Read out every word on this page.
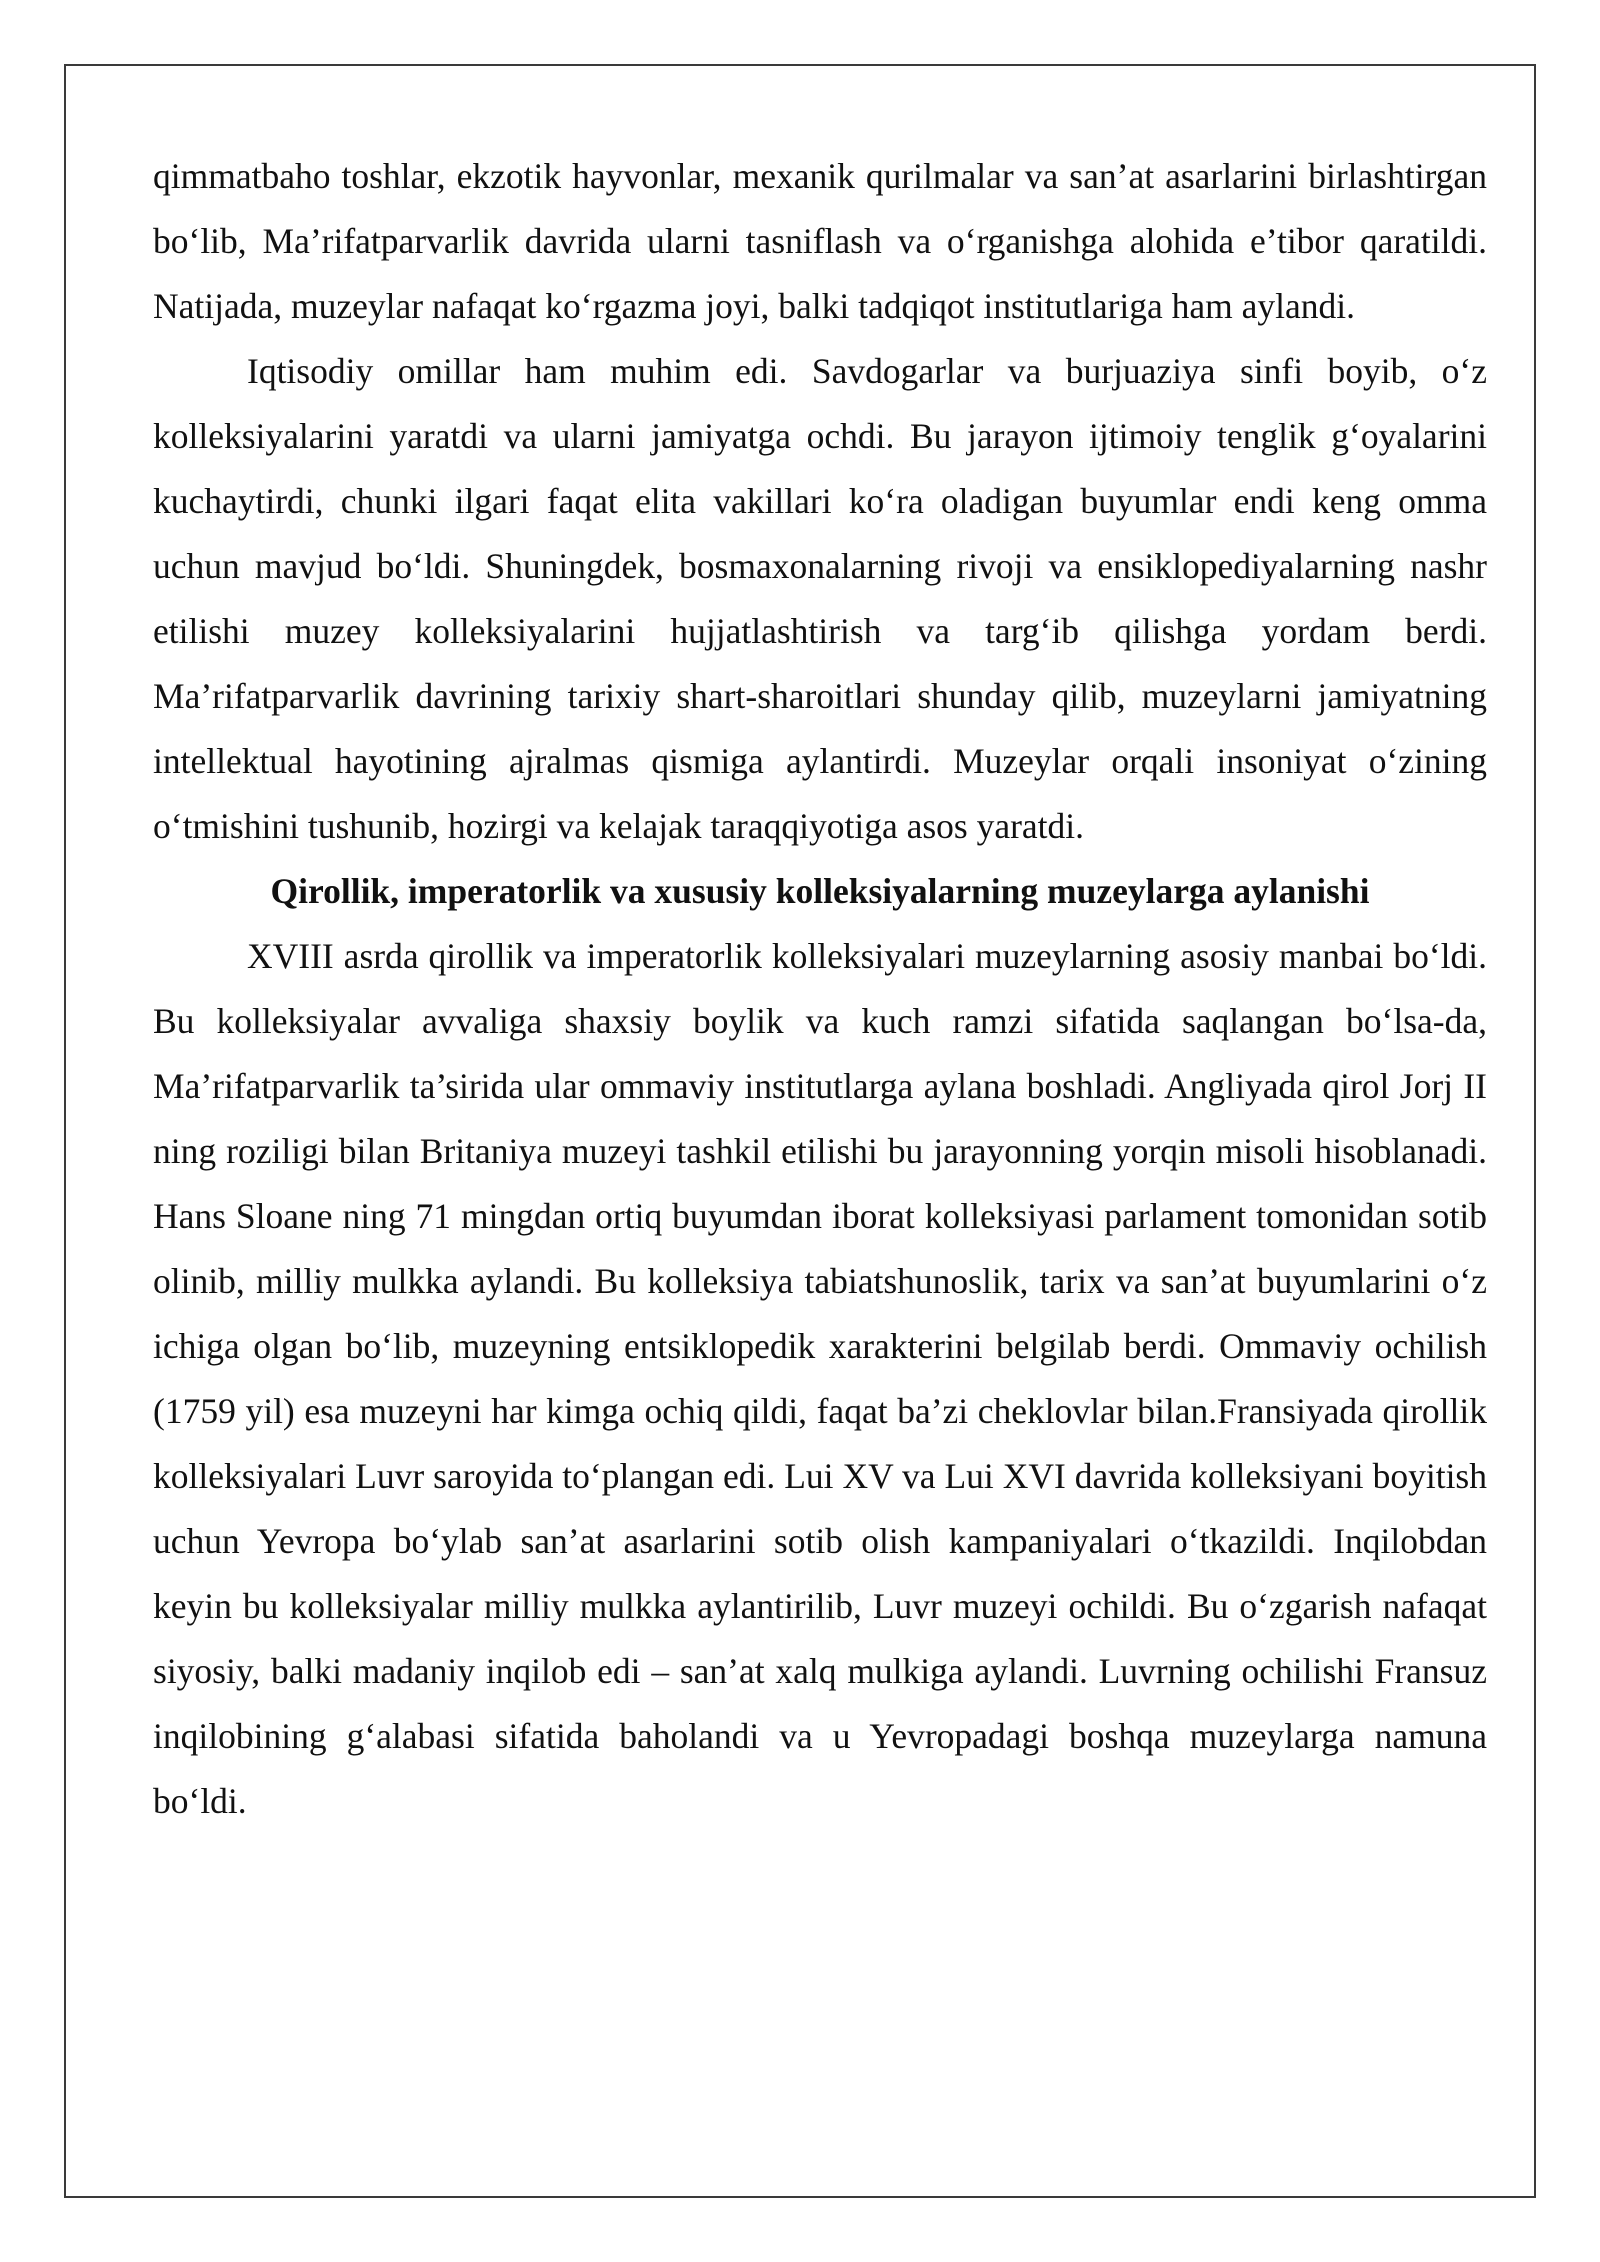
qimmatbaho toshlar, ekzotik hayvonlar, mexanik qurilmalar va san’at asarlarini birlashtirgan bo‘lib, Ma’rifatparvarlik davrida ularni tasniflash va o‘rganishga alohida e’tibor qaratildi. Natijada, muzeylar nafaqat ko‘rgazma joyi, balki tadqiqot institutlariga ham aylandi.

Iqtisodiy omillar ham muhim edi. Savdogarlar va burjuaziya sinfi boyib, o‘z kolleksiyalarini yaratdi va ularni jamiyatga ochdi. Bu jarayon ijtimoiy tenglik g‘oyalarini kuchaytirdi, chunki ilgari faqat elita vakillari ko‘ra oladigan buyumlar endi keng omma uchun mavjud bo‘ldi. Shuningdek, bosmaxonalarning rivoji va ensiklopediyalarning nashr etilishi muzey kolleksiyalarini hujjatlashtirish va targ‘ib qilishga yordam berdi. Ma’rifatparvarlik davrining tarixiy shart-sharoitlari shunday qilib, muzeylarni jamiyatning intellektual hayotining ajralmas qismiga aylantirdi. Muzeylar orqali insoniyat o‘zining o‘tmishini tushunib, hozirgi va kelajak taraqqiyotiga asos yaratdi.

Qirollik, imperatorlik va xususiy kolleksiyalarning muzeylarga aylanishi

XVIII asrda qirollik va imperatorlik kolleksiyalari muzeylarning asosiy manbai bo‘ldi. Bu kolleksiyalar avvaliga shaxsiy boylik va kuch ramzi sifatida saqlangan bo‘lsa-da, Ma’rifatparvarlik ta’sirida ular ommaviy institutlarga aylana boshladi. Angliyada qirol Jorj II ning roziligi bilan Britaniya muzeyi tashkil etilishi bu jarayonning yorqin misoli hisoblanadi. Hans Sloane ning 71 mingdan ortiq buyumdan iborat kolleksiyasi parlament tomonidan sotib olinib, milliy mulkka aylandi. Bu kolleksiya tabiatshunoslik, tarix va san’at buyumlarini o‘z ichiga olgan bo‘lib, muzeyning entsiklopedik xarakterini belgilab berdi. Ommaviy ochilish (1759 yil) esa muzeyni har kimga ochiq qildi, faqat ba’zi cheklovlar bilan.Fransiyada qirollik kolleksiyalari Luvr saroyida to‘plangan edi. Lui XV va Lui XVI davrida kolleksiyani boyitish uchun Yevropa bo‘ylab san’at asarlarini sotib olish kampaniyalari o‘tkazildi. Inqilobdan keyin bu kolleksiyalar milliy mulkka aylantirilib, Luvr muzeyi ochildi. Bu o‘zgarish nafaqat siyosiy, balki madaniy inqilob edi – san’at xalq mulkiga aylandi. Luvrning ochilishi Fransuz inqilobining g‘alabasi sifatida baholandi va u Yevropadagi boshqa muzeylarga namuna bo‘ldi.
